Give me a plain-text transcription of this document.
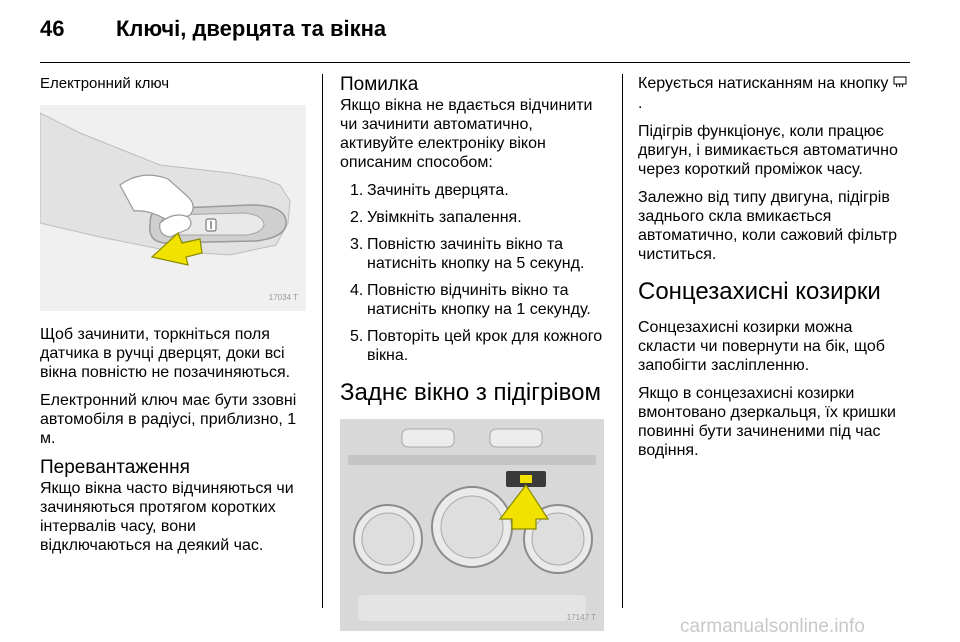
46 Ключі, дверцята та вікна
Електронний ключ
17034 T

Щоб зачинити, торкніться поля датчика в ручці дверцят, доки всі вікна повністю не позачиняються.

Електронний ключ має бути ззовні автомобіля в радіусі, приблизно, 1 м.

Перевантаження

Якщо вікна часто відчиняються чи зачиняються протягом коротких інтервалів часу, вони відключаються на деякий час.

Помилка

Якщо вікна не вдається відчинити чи зачинити автоматично, активуйте електроніку вікон описаним способом:

1. Зачиніть дверцята.
2. Увімкніть запалення.
3. Повністю зачиніть вікно та натисніть кнопку на 5 секунд.
4. Повністю відчиніть вікно та натисніть кнопку на 1 секунду.
5. Повторіть цей крок для кожного вікна.
Заднє вікно з підігрівом
17147 T

Керується натисканням на кнопку .

Підігрів функціонує, коли працює двигун, і вимикається автоматично через короткий проміжок часу.

Залежно від типу двигуна, підігрів заднього скла вмикається автоматично, коли сажовий фільтр чиститься.

Сонцезахисні козирки

Сонцезахисні козирки можна скласти чи повернути на бік, щоб запобігти засліпленню.

Якщо в сонцезахисні козирки вмонтовано дзеркальця, їх кришки повинні бути зачиненими під час водіння.

carmanualsonline.info
